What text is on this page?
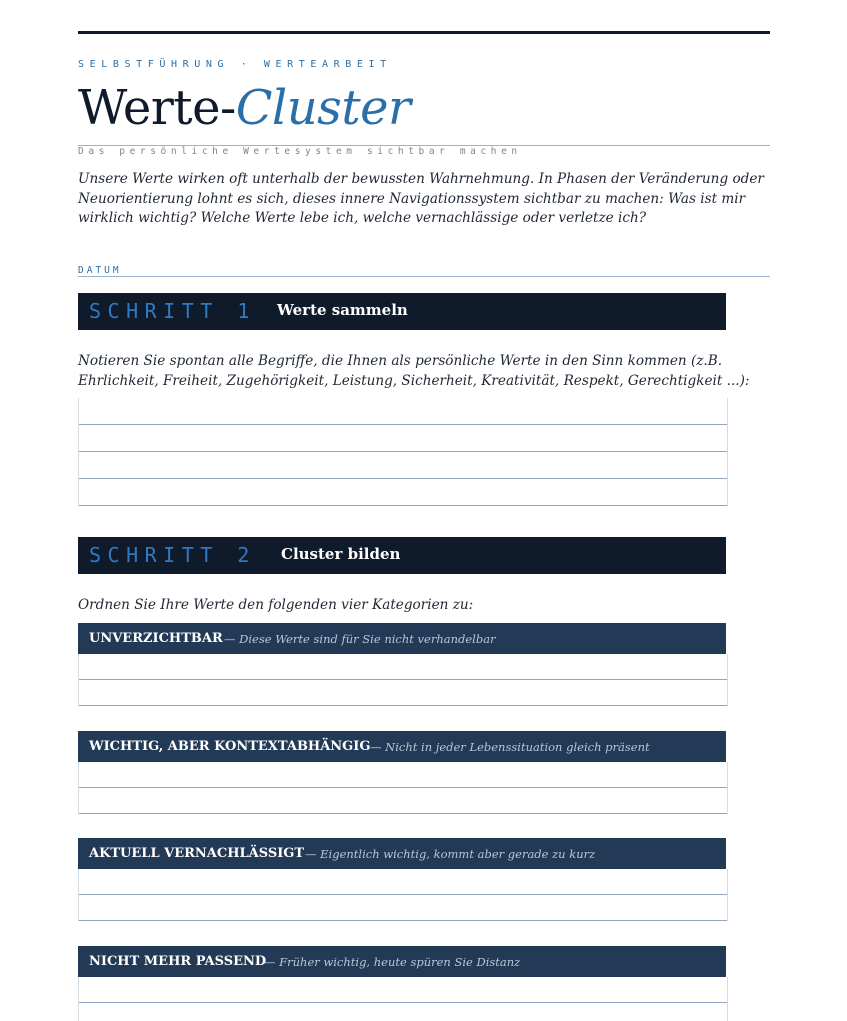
SELBSTFÜHRUNG · WERTEARBEIT
Werte-Cluster
Das persönliche Wertesystem sichtbar machen
Unsere Werte wirken oft unterhalb der bewussten Wahrnehmung. In Phasen der Veränderung oder Neuorientierung lohnt es sich, dieses innere Navigationssystem sichtbar zu machen: Was ist mir wirklich wichtig? Welche Werte lebe ich, welche vernachlässige oder verletze ich?
DATUM
SCHRITT 1 Werte sammeln
Notieren Sie spontan alle Begriffe, die Ihnen als persönliche Werte in den Sinn kommen (z.B. Ehrlichkeit, Freiheit, Zugehörigkeit, Leistung, Sicherheit, Kreativität, Respekt, Gerechtigkeit ...):
SCHRITT 2 Cluster bilden
Ordnen Sie Ihre Werte den folgenden vier Kategorien zu:
UNVERZICHTBAR — Diese Werte sind für Sie nicht verhandelbar
WICHTIG, ABER KONTEXTABHÄNGIG — Nicht in jeder Lebenssituation gleich präsent
AKTUELL VERNACHLÄSSIGT — Eigentlich wichtig, kommt aber gerade zu kurz
NICHT MEHR PASSEND
— Früher wichtig, heute spüren Sie Distanz
